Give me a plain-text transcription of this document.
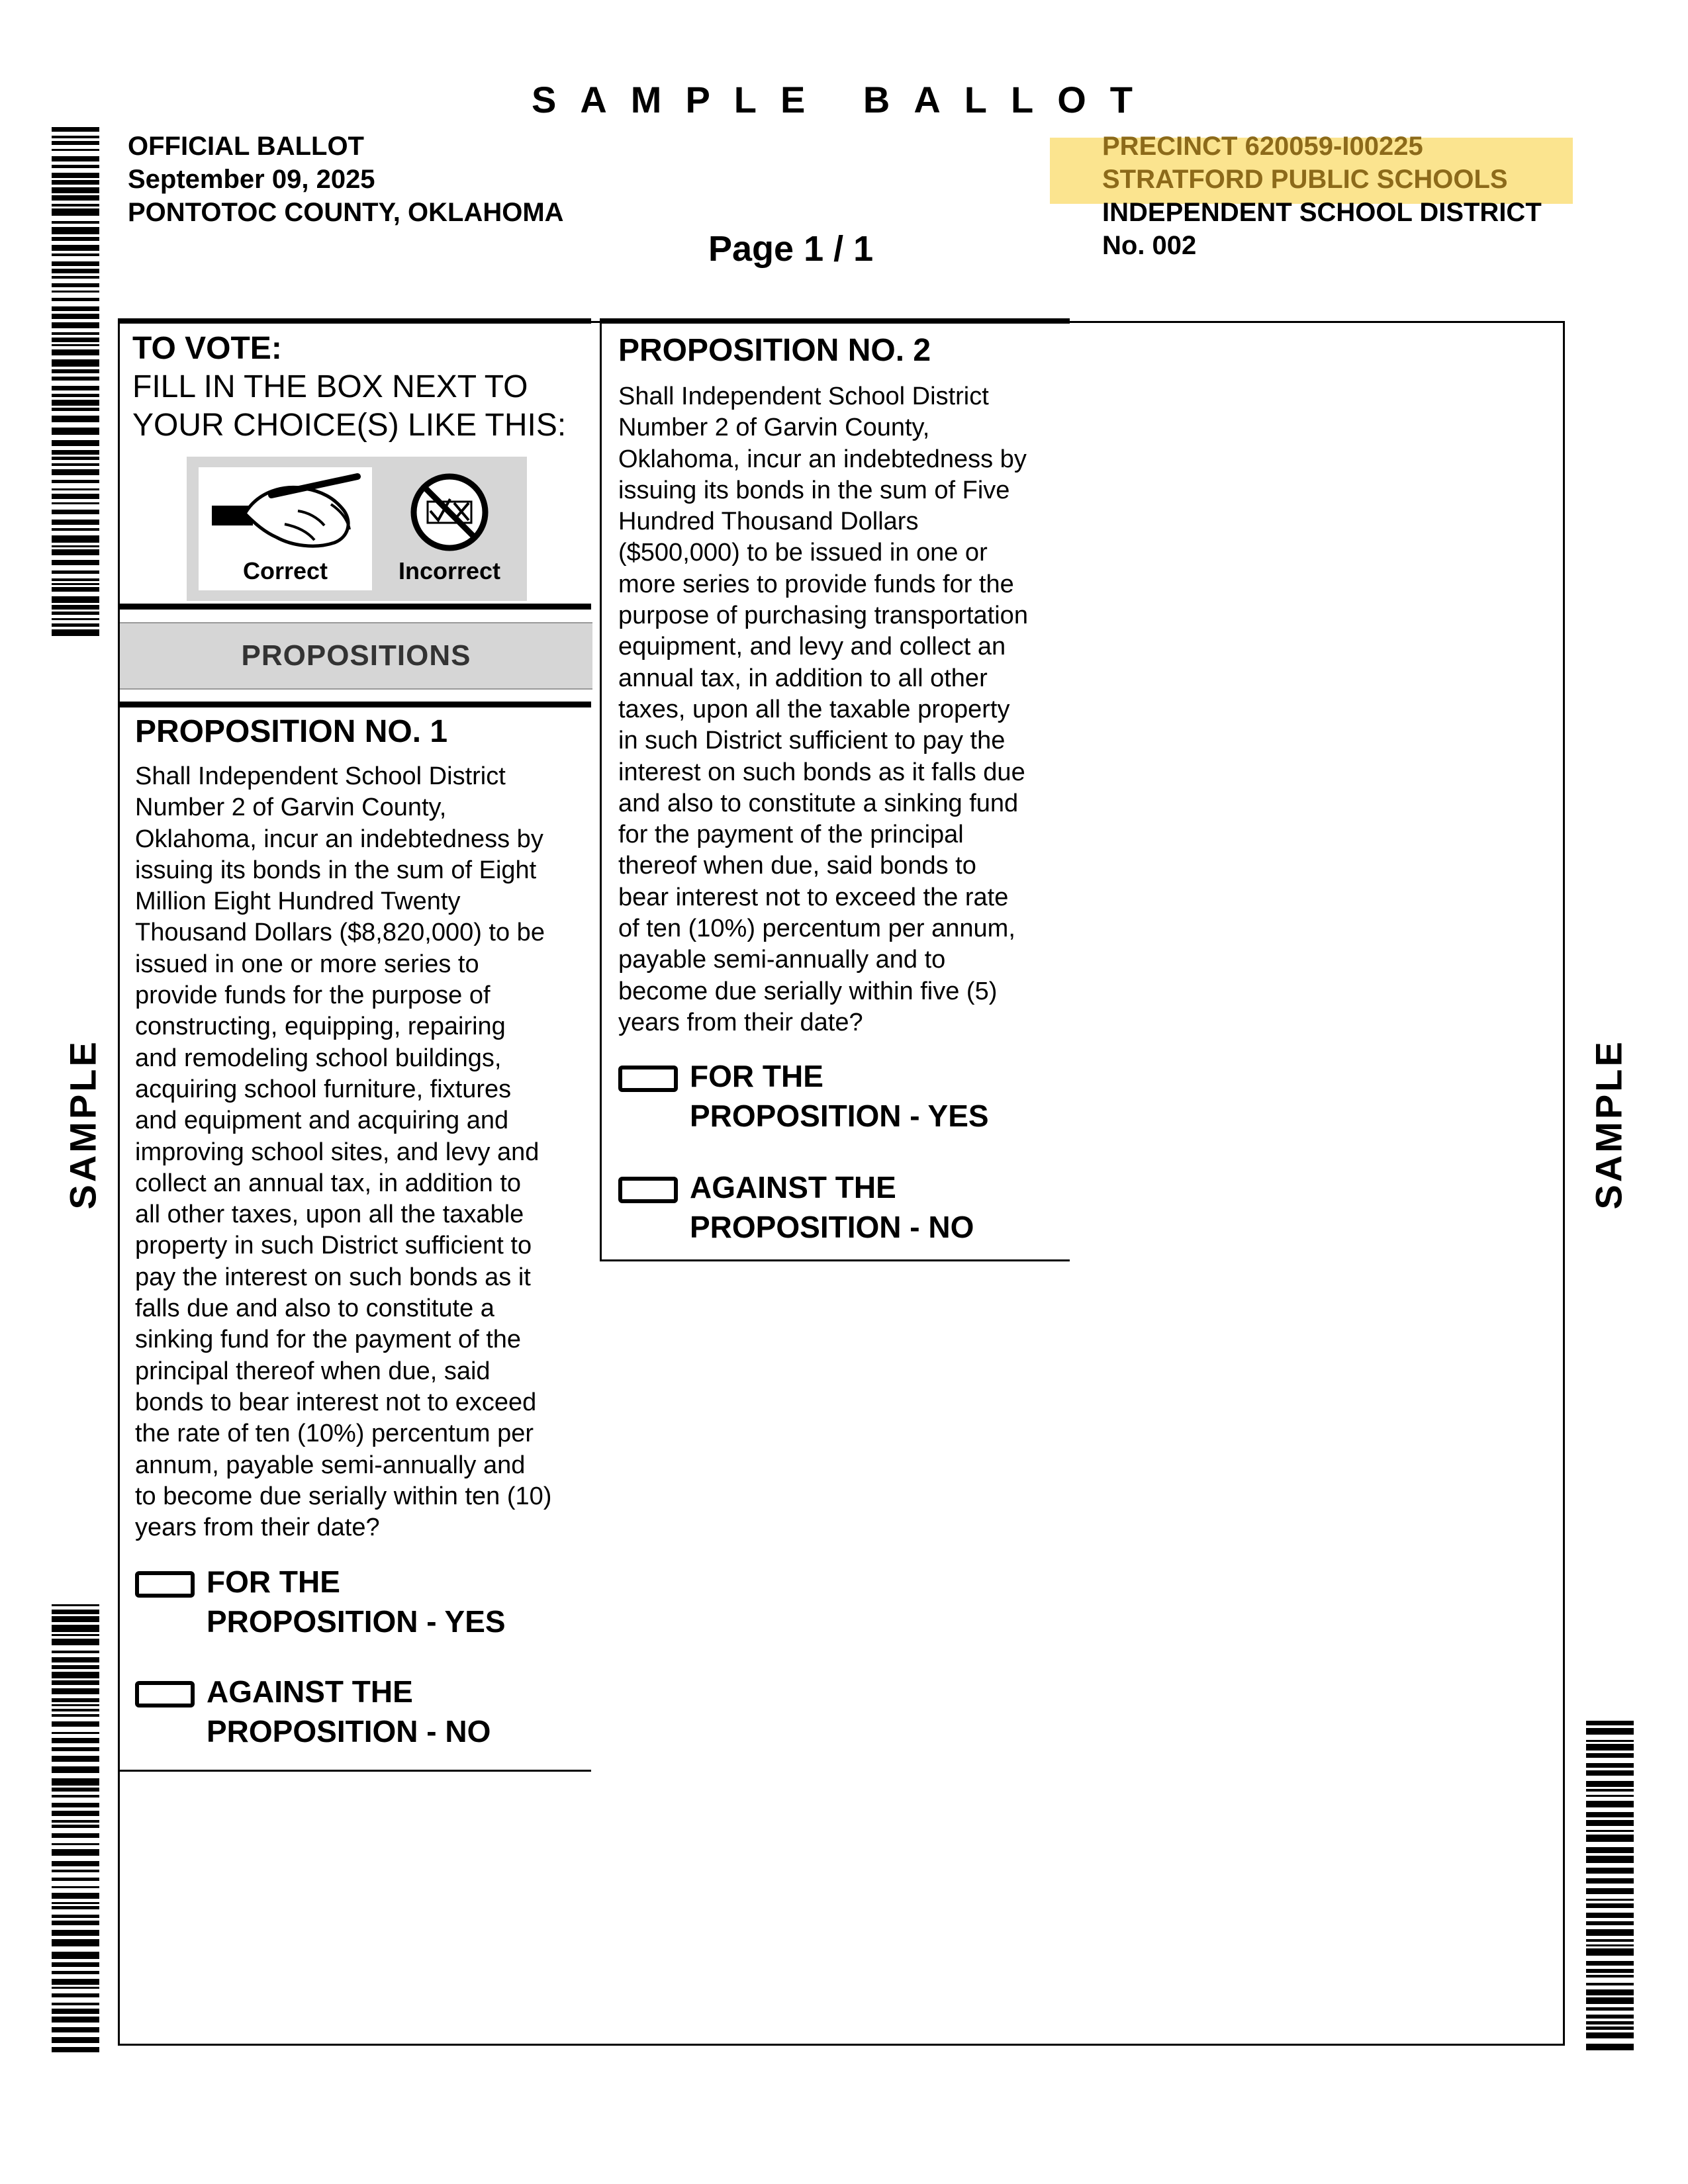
SAMPLE BALLOT
OFFICIAL BALLOT
September 09, 2025
PONTOTOC COUNTY, OKLAHOMA
Page 1 / 1
PRECINCT 620059-I00225
STRATFORD PUBLIC SCHOOLS
INDEPENDENT SCHOOL DISTRICT
No. 002
SAMPLE	SAMPLE
TO VOTE:
FILL IN THE BOX NEXT TO
YOUR CHOICE(S) LIKE THIS:
Correct	Incorrect
PROPOSITIONS
PROPOSITION NO. 1
Shall Independent School District
Number 2 of Garvin County,
Oklahoma, incur an indebtedness by
issuing its bonds in the sum of Eight
Million Eight Hundred Twenty
Thousand Dollars ($8,820,000) to be
issued in one or more series to
provide funds for the purpose of
constructing, equipping, repairing
and remodeling school buildings,
acquiring school furniture, fixtures
and equipment and acquiring and
improving school sites, and levy and
collect an annual tax, in addition to
all other taxes, upon all the taxable
property in such District sufficient to
pay the interest on such bonds as it
falls due and also to constitute a
sinking fund for the payment of the
principal thereof when due, said
bonds to bear interest not to exceed
the rate of ten (10%) percentum per
annum, payable semi-annually and
to become due serially within ten (10)
years from their date?
FOR THE
PROPOSITION - YES
AGAINST THE
PROPOSITION - NO
PROPOSITION NO. 2
Shall Independent School District
Number 2 of Garvin County,
Oklahoma, incur an indebtedness by
issuing its bonds in the sum of Five
Hundred Thousand Dollars
($500,000) to be issued in one or
more series to provide funds for the
purpose of purchasing transportation
equipment, and levy and collect an
annual tax, in addition to all other
taxes, upon all the taxable property
in such District sufficient to pay the
interest on such bonds as it falls due
and also to constitute a sinking fund
for the payment of the principal
thereof when due, said bonds to
bear interest not to exceed the rate
of ten (10%) percentum per annum,
payable semi-annually and to
become due serially within five (5)
years from their date?
FOR THE
PROPOSITION - YES
AGAINST THE
PROPOSITION - NO
